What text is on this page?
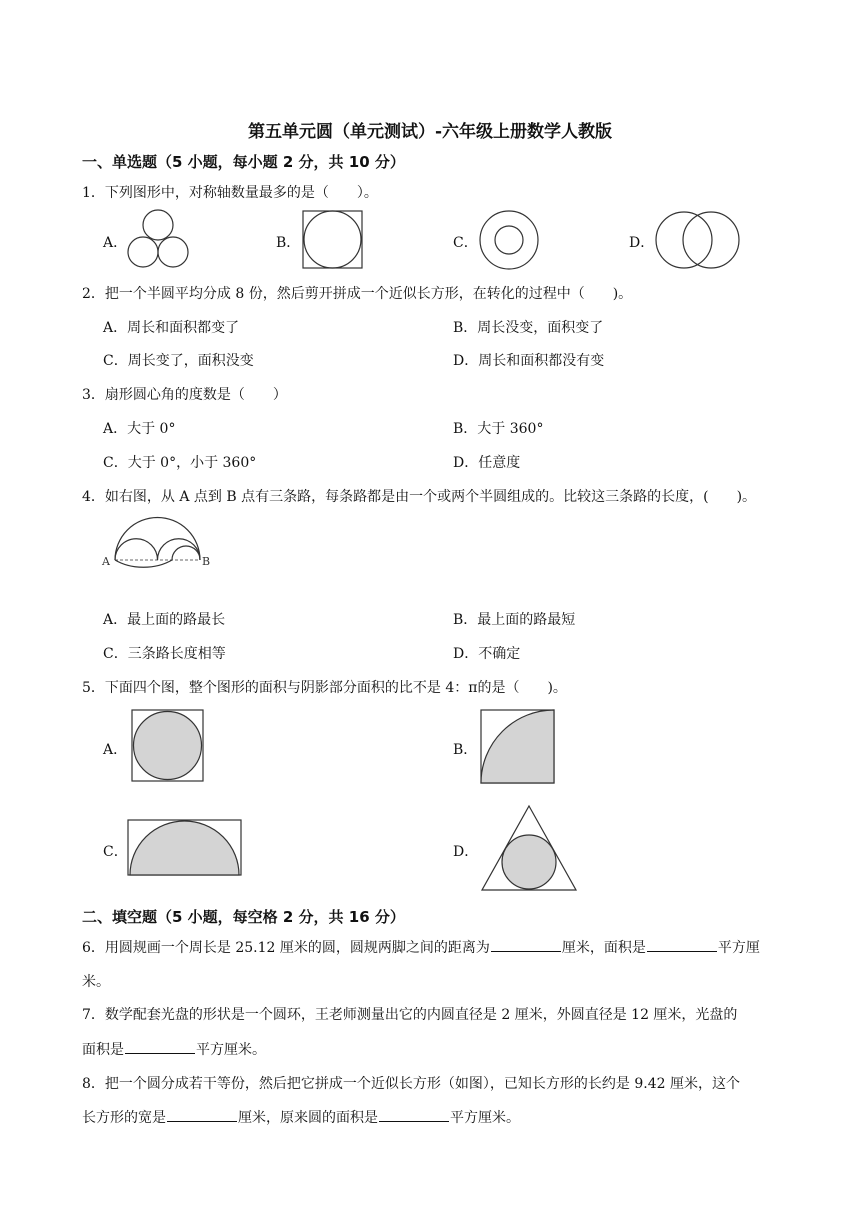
第五单元圆（单元测试）-六年级上册数学人教版
一、单选题（5 小题，每小题 2 分，共 10 分）
1．下列图形中，对称轴数量最多的是（　　）。
A．	B．	C．	D．
2．把一个半圆平均分成 8 份，然后剪开拼成一个近似长方形，在转化的过程中（　　)。
A．周长和面积都变了	B．周长没变，面积变了
C．周长变了，面积没变	D．周长和面积都没有变
3．扇形圆心角的度数是（　　）
A．大于 0°	B．大于 360°
C．大于 0°，小于 360°	D．任意度
4．如右图，从 A 点到 B 点有三条路，每条路都是由一个或两个半圆组成的。比较这三条路的长度，(　　)。
A	B
A．最上面的路最长	B．最上面的路最短
C．三条路长度相等	D．不确定
5．下面四个图，整个图形的面积与阴影部分面积的比不是 4：π的是（　　)。
A．	B．
C．	D．
二、填空题（5 小题，每空格 2 分，共 16 分）
6．用圆规画一个周长是 25.12 厘米的圆，圆规两脚之间的距离为	厘米，面积是	平方厘
米。
7．数学配套光盘的形状是一个圆环，王老师测量出它的内圆直径是 2 厘米，外圆直径是 12 厘米，光盘的
面积是	平方厘米。
8．把一个圆分成若干等份，然后把它拼成一个近似长方形（如图），已知长方形的长约是 9.42 厘米，这个
长方形的宽是	厘米，原来圆的面积是	平方厘米。
